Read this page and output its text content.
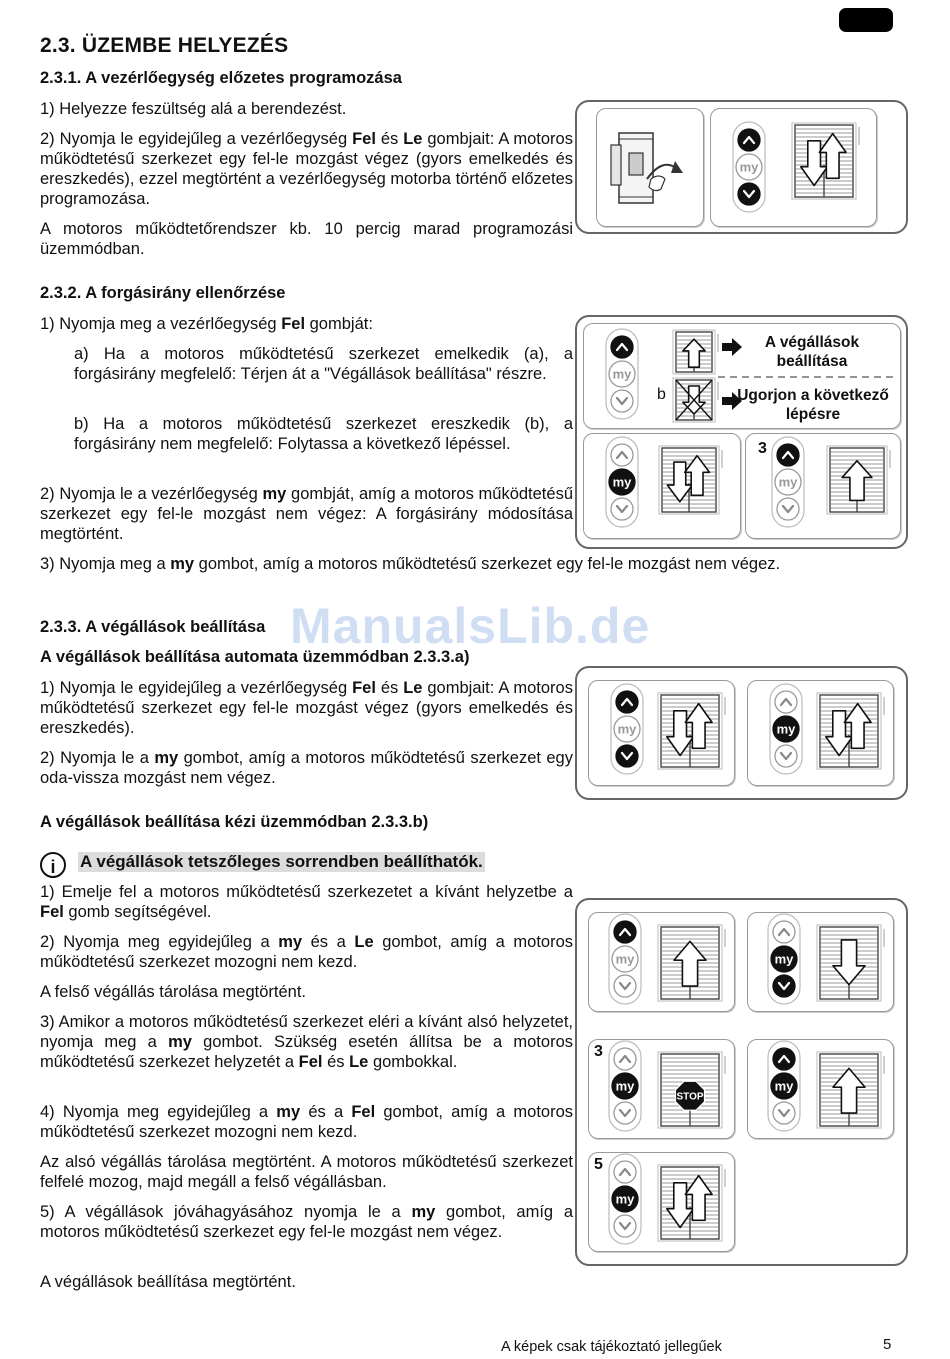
2.3. ÜZEMBE HELYEZÉS
2.3.1. A vezérlőegység előzetes programozása

1) Helyezze feszültség alá a berendezést.

2) Nyomja le egyidejűleg a vezérlőegység Fel és Le gombjait: A motoros működtetésű szerkezet egy fel-le mozgást végez (gyors emelkedés és ereszkedés), ezzel megtörtént a vezérlőegység motorba történő előzetes programozása.

A motoros működtetőrendszer kb. 10 percig marad programozási üzemmódban.

my
2.3.2. A forgásirány ellenőrzése

1) Nyomja meg a vezérlőegység Fel gombját:

a) Ha a motoros működtetésű szerkezet emelkedik (a), a forgásirány megfelelő: Térjen át a "Végállások beállítása" részre.

b) Ha a motoros működtetésű szerkezet ereszkedik (b), a forgásirány nem megfelelő: Folytassa a következő lépéssel.

2) Nyomja le a vezérlőegység my gombját, amíg a motoros működtetésű szerkezet egy fel-le mozgást nem végez: A forgásirány módosítása megtörtént.

3) Nyomja meg a my gombot, amíg a motoros működtetésű szerkezet egy fel-le mozgást nem végez.

my
A végállások beállítása
b	Ugorjon a következő lépésre
my
3
my
2.3.3. A végállások beállítása
A végállások beállítása automata üzemmódban 2.3.3.a)

1) Nyomja le egyidejűleg a vezérlőegység Fel és Le gombjait: A motoros működtetésű szerkezet egy fel-le mozgást végez (gyors emelkedés és ereszkedés).

2) Nyomja le a my gombot, amíg a motoros működtetésű szerkezet egy oda-vissza mozgást nem végez.

my	my
A végállások beállítása kézi üzemmódban 2.3.3.b)
i	A végállások tetszőleges sorrendben beállíthatók.

1) Emelje fel a motoros működtetésű szerkezetet a kívánt helyzetbe a Fel gomb segítségével.

2) Nyomja meg egyidejűleg a my és a Le gombot, amíg a motoros működtetésű szerkezet mozogni nem kezd.

A felső végállás tárolása megtörtént.

3) Amikor a motoros működtetésű szerkezet eléri a kívánt alsó helyzetet, nyomja meg a my gombot. Szükség esetén állítsa be a motoros működtetésű szerkezet helyzetét a Fel és Le gombokkal.

4) Nyomja meg egyidejűleg a my és a Fel gombot, amíg a motoros működtetésű szerkezet mozogni nem kezd.

Az alsó végállás tárolása megtörtént. A motoros működtetésű szerkezet felfelé mozog, majd megáll a felső végállásban.

5) A végállások jóváhagyásához nyomja le a my gombot, amíg a motoros működtetésű szerkezet egy fel-le mozgást nem végez.

A végállások beállítása megtörtént.

my	my
3
my
STOP
my
5
my
ManualsLib.de
A képek csak tájékoztató jellegűek	5
